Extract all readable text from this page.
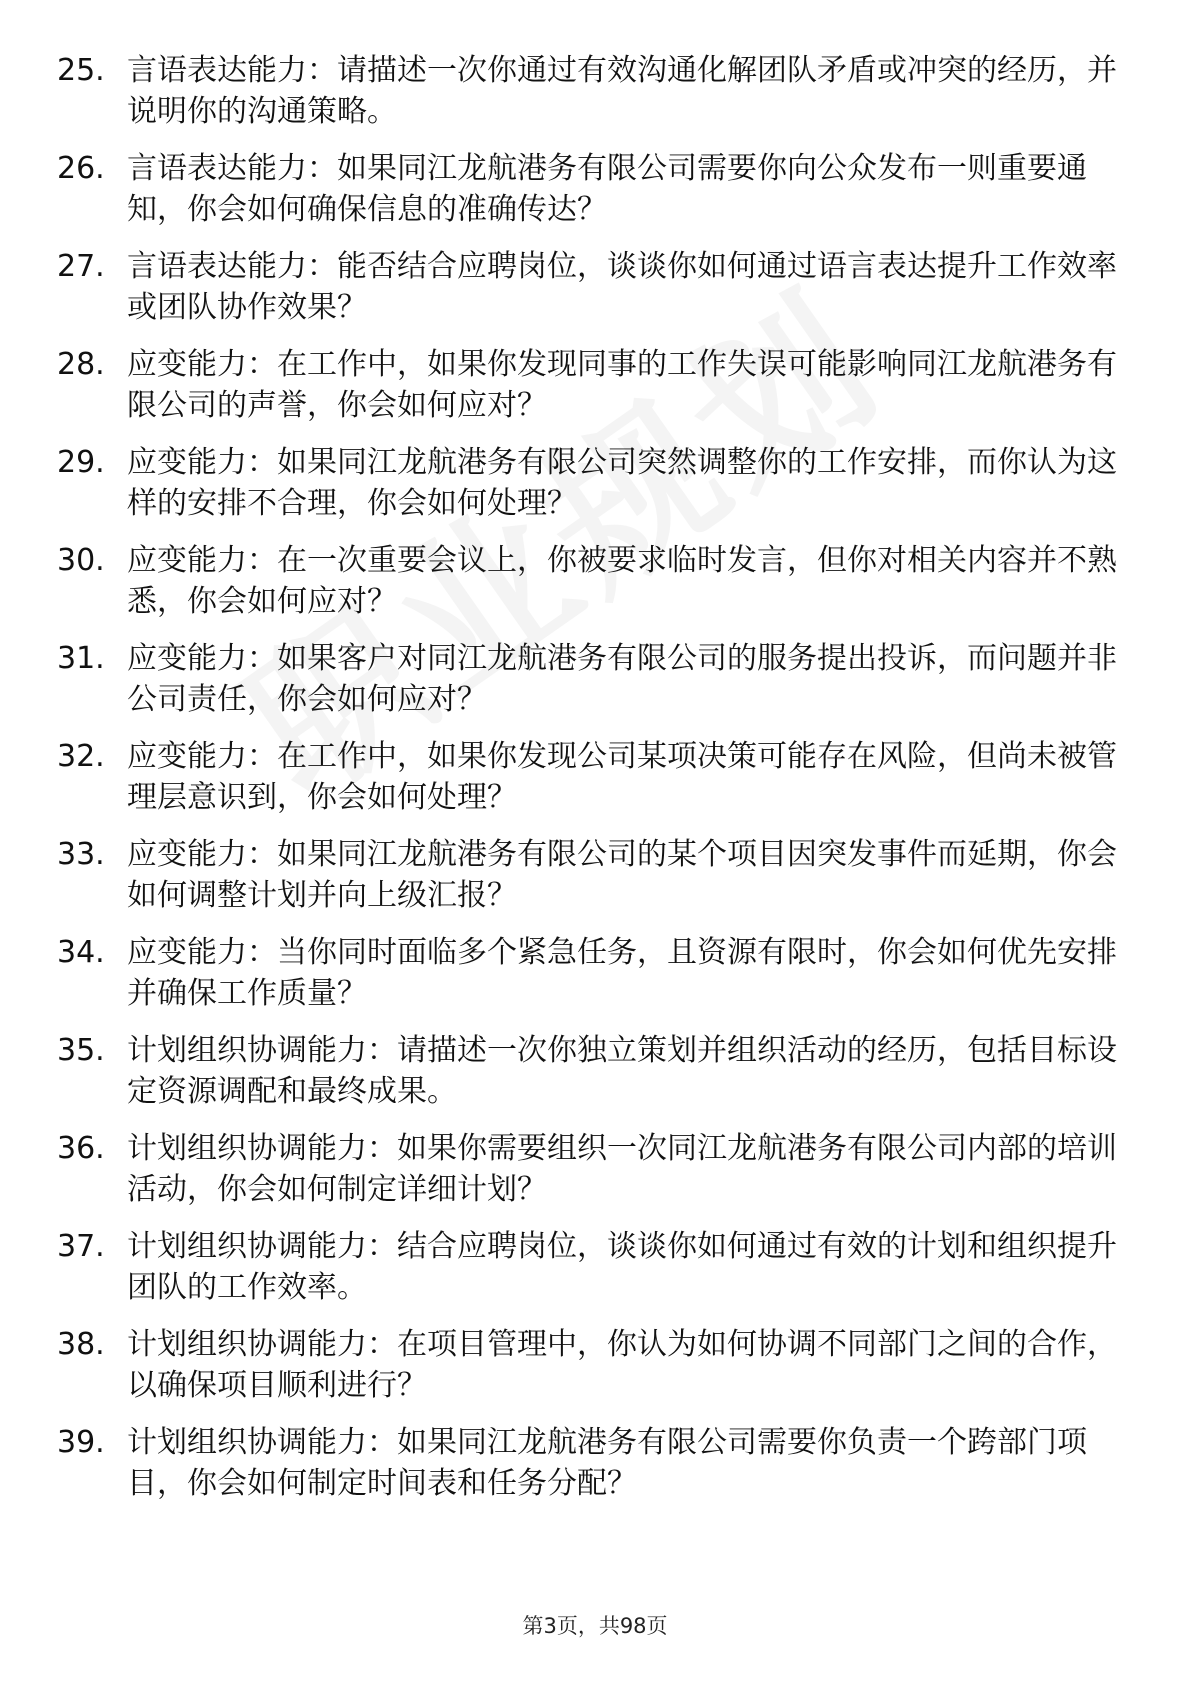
25. 言语表达能力：请描述一次你通过有效沟通化解团队矛盾或冲突的经历，并说明你的沟通策略。

26. 言语表达能力：如果同江龙航港务有限公司需要你向公众发布一则重要通知，你会如何确保信息的准确传达？

27. 言语表达能力：能否结合应聘岗位，谈谈你如何通过语言表达提升工作效率或团队协作效果？

28. 应变能力：在工作中，如果你发现同事的工作失误可能影响同江龙航港务有限公司的声誉，你会如何应对？

29. 应变能力：如果同江龙航港务有限公司突然调整你的工作安排，而你认为这样的安排不合理，你会如何处理？

30. 应变能力：在一次重要会议上，你被要求临时发言，但你对相关内容并不熟悉，你会如何应对？

31. 应变能力：如果客户对同江龙航港务有限公司的服务提出投诉，而问题并非公司责任，你会如何应对？

32. 应变能力：在工作中，如果你发现公司某项决策可能存在风险，但尚未被管理层意识到，你会如何处理？

33. 应变能力：如果同江龙航港务有限公司的某个项目因突发事件而延期，你会如何调整计划并向上级汇报？

34. 应变能力：当你同时面临多个紧急任务，且资源有限时，你会如何优先安排并确保工作质量？

35. 计划组织协调能力：请描述一次你独立策划并组织活动的经历，包括目标设定资源调配和最终成果。

36. 计划组织协调能力：如果你需要组织一次同江龙航港务有限公司内部的培训活动，你会如何制定详细计划？

37. 计划组织协调能力：结合应聘岗位，谈谈你如何通过有效的计划和组织提升团队的工作效率。

38. 计划组织协调能力：在项目管理中，你认为如何协调不同部门之间的合作，以确保项目顺利进行？

39. 计划组织协调能力：如果同江龙航港务有限公司需要你负责一个跨部门项目，你会如何制定时间表和任务分配？

第3页，共98页
